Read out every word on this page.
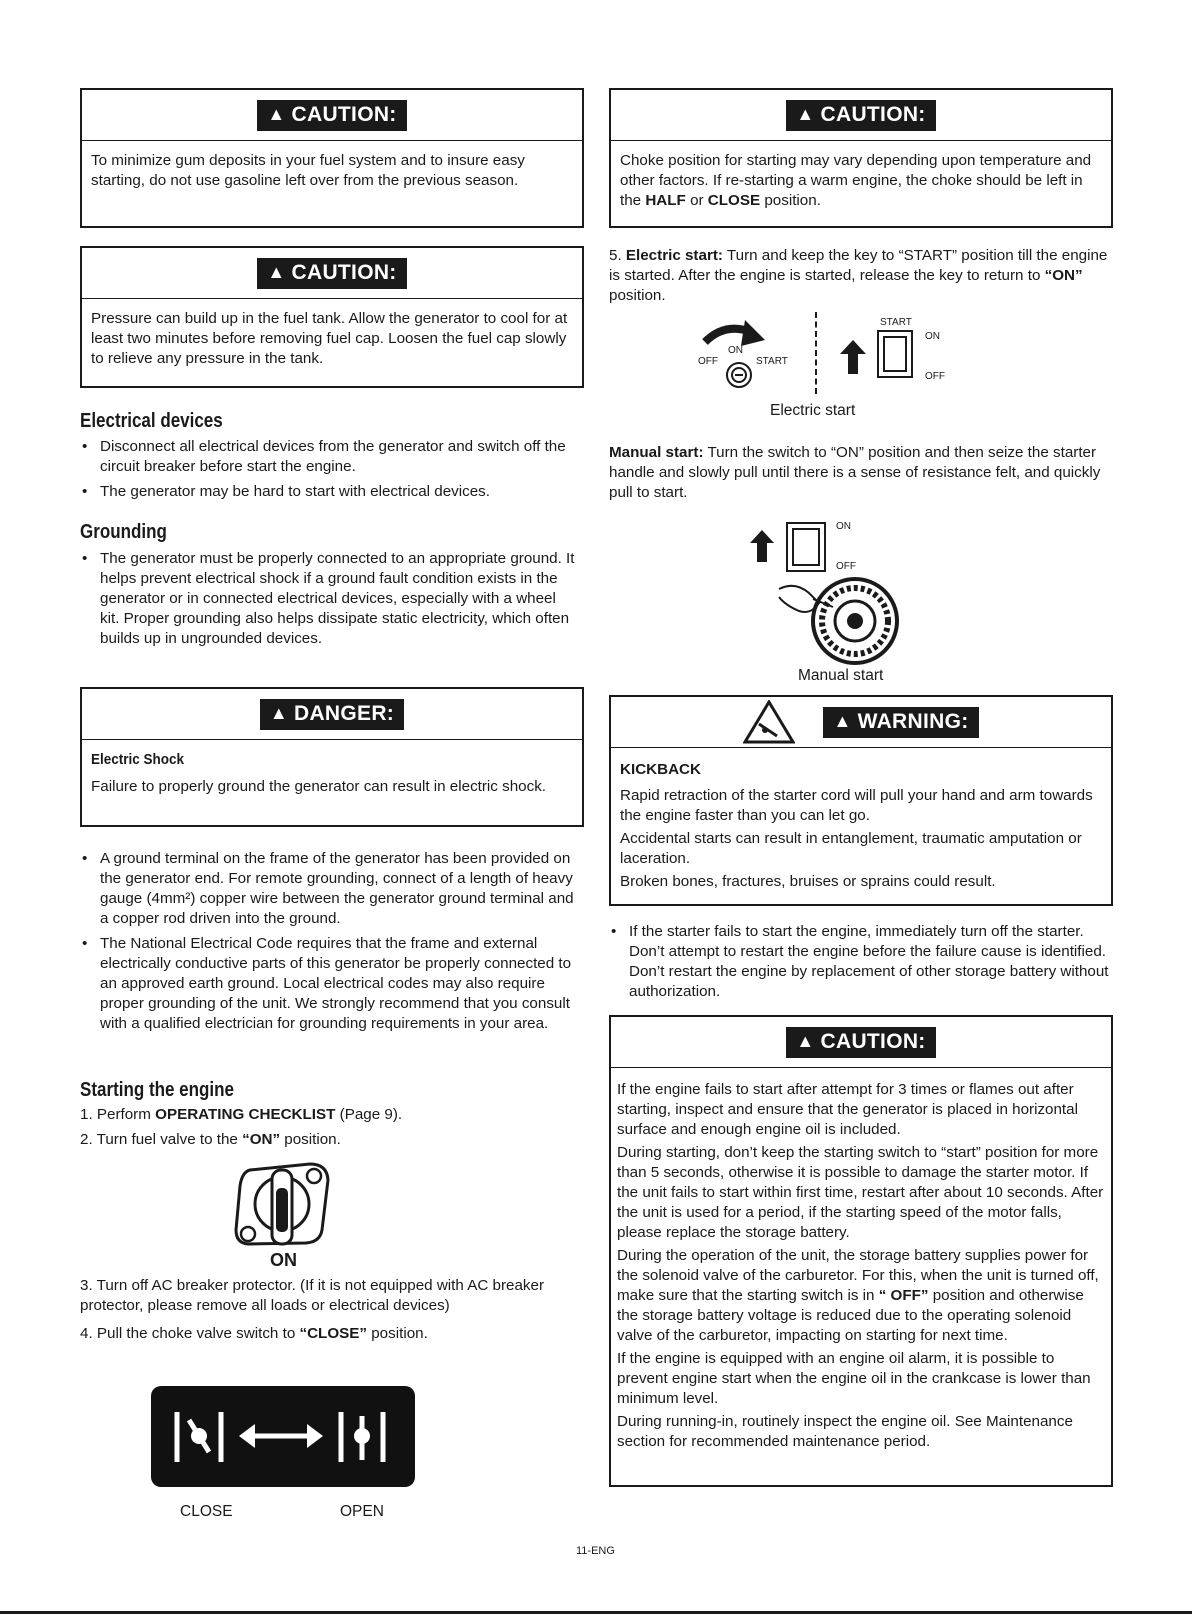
▲ CAUTION:

To minimize gum deposits in your fuel system and to insure easy starting, do not use gasoline left over from the previous season.

▲ CAUTION:

Pressure can build up in the fuel tank. Allow the generator to cool for at least two minutes before removing fuel cap. Loosen the fuel cap slowly to relieve any pressure in the tank.

Electrical devices
• Disconnect all electrical devices from the generator and switch off the circuit breaker before start the engine.
• The generator may be hard to start with electrical devices.
Grounding
• The generator must be properly connected to an appropriate ground. It helps prevent electrical shock if a ground fault condition exists in the generator or in connected electrical devices, especially with a wheel kit. Proper grounding also helps dissipate static electricity, which often builds up in ungrounded devices.
▲ DANGER:

Electric Shock

Failure to properly ground the generator can result in electric shock.

• A ground terminal on the frame of the generator has been provided on the generator end. For remote grounding, connect of a length of heavy gauge (4mm²) copper wire between the generator ground terminal and a copper rod driven into the ground.
• The National Electrical Code requires that the frame and external electrically conductive parts of this generator be properly connected to an approved earth ground. Local electrical codes may also require proper grounding of the unit. We strongly recommend that you consult with a qualified electrician for grounding requirements in your area.
Starting the engine

1. Perform OPERATING CHECKLIST (Page 9).

2. Turn fuel valve to the “ON” position.

ON

3. Turn off AC breaker protector. (If it is not equipped with AC breaker protector, please remove all loads or electrical devices)

4. Pull the choke valve switch to “CLOSE” position.

CLOSE	OPEN
▲ CAUTION:

Choke position for starting may vary depending upon temperature and other factors. If re-starting a warm engine, the choke should be left in the HALF or CLOSE position.

5. Electric start: Turn and keep the key to “START” position till the engine is started. After the engine is started, release the key to return to “ON” position.

ON
OFF	START
START
ON
OFF
Electric start

Manual start: Turn the switch to “ON” position and then seize the starter handle and slowly pull until there is a sense of resistance felt, and quickly pull to start.

ON
OFF
Manual start
▲ WARNING:

KICKBACK

Rapid retraction of the starter cord will pull your hand and arm towards the engine faster than you can let go.

Accidental starts can result in entanglement, traumatic amputation or laceration.

Broken bones, fractures, bruises or sprains could result.

• If the starter fails to start the engine, immediately turn off the starter. Don’t attempt to restart the engine before the failure cause is identified. Don’t restart the engine by replacement of other storage battery without authorization.
▲ CAUTION:

If the engine fails to start after attempt for 3 times or flames out after starting, inspect and ensure that the generator is placed in horizontal surface and enough engine oil is included.

During starting, don’t keep the starting switch to “start” position for more than 5 seconds, otherwise it is possible to damage the starter motor. If the unit fails to start within first time, restart after about 10 seconds. After the unit is used for a period, if the starting speed of the motor falls, please replace the storage battery.

During the operation of the unit, the storage battery supplies power for the solenoid valve of the carburetor. For this, when the unit is turned off, make sure that the starting switch is in “ OFF” position and otherwise the storage battery voltage is reduced due to the operating solenoid valve of the carburetor, impacting on starting for next time.

If the engine is equipped with an engine oil alarm, it is possible to prevent engine start when the engine oil in the crankcase is lower than minimum level.

During running-in, routinely inspect the engine oil. See Maintenance section for recommended maintenance period.

11-ENG
